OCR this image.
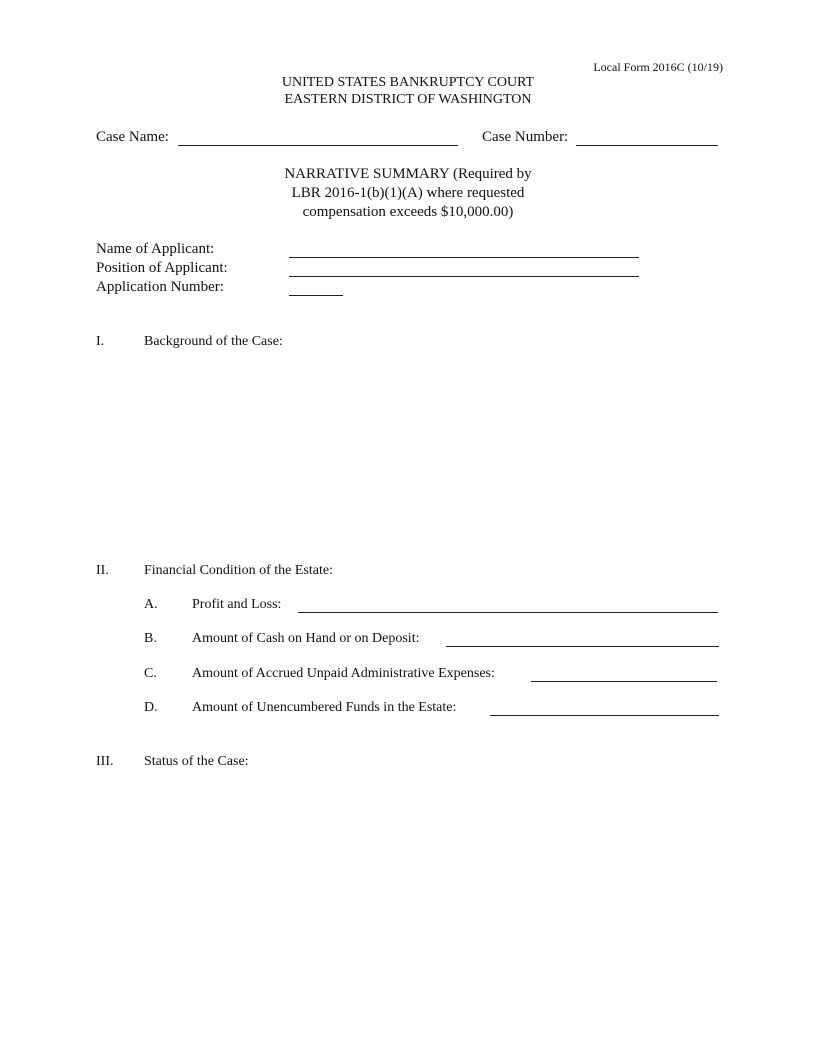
Local Form 2016C (10/19)
UNITED STATES BANKRUPTCY COURT
EASTERN DISTRICT OF WASHINGTON
Case Name:	Case Number:
NARRATIVE SUMMARY (Required by
LBR 2016-1(b)(1)(A) where requested
compensation exceeds $10,000.00)
Name of Applicant:
Position of Applicant:
Application Number:
I.	Background of the Case:
II.	Financial Condition of the Estate:
A. Profit and Loss:
B.	Amount of Cash on Hand or on Deposit:
C.	Amount of Accrued Unpaid Administrative Expenses:
D. Amount of Unencumbered Funds in the Estate:
III. Status of the Case:
